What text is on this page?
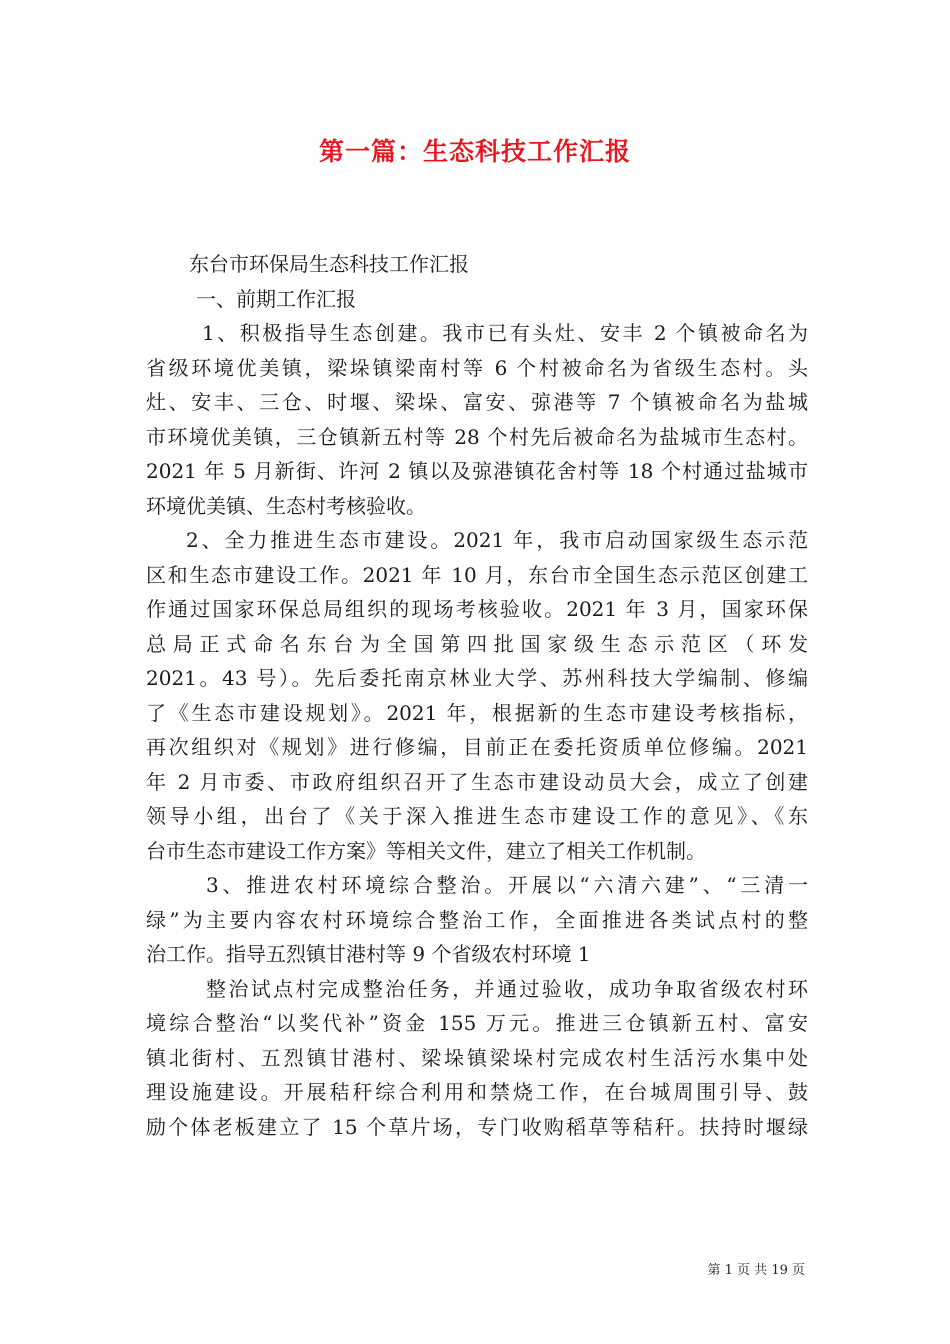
第一篇：生态科技工作汇报
东台市环保局生态科技工作汇报
一、前期工作汇报
1、积极指导生态创建。我市已有头灶、安丰 2 个镇被命名为
省级环境优美镇，梁垛镇梁南村等 6 个村被命名为省级生态村。头
灶、安丰、三仓、时堰、梁垛、富安、弶港等 7 个镇被命名为盐城
市环境优美镇，三仓镇新五村等 28 个村先后被命名为盐城市生态村。
2021 年 5 月新街、许河 2 镇以及弶港镇花舍村等 18 个村通过盐城市
环境优美镇、生态村考核验收。
2、全力推进生态市建设。2021 年，我市启动国家级生态示范
区和生态市建设工作。2021 年 10 月，东台市全国生态示范区创建工
作通过国家环保总局组织的现场考核验收。2021 年 3 月，国家环保
总局正式命名东台为全国第四批国家级生态示范区（环发
2021。43 号）。先后委托南京林业大学、苏州科技大学编制、修编
了《生态市建设规划》。2021 年，根据新的生态市建设考核指标，
再次组织对《规划》进行修编，目前正在委托资质单位修编。2021
年 2 月市委、市政府组织召开了生态市建设动员大会，成立了创建
领导小组，出台了《关于深入推进生态市建设工作的意见》、《东
台市生态市建设工作方案》等相关文件，建立了相关工作机制。
3、推进农村环境综合整治。开展以“六清六建”、“三清一
绿”为主要内容农村环境综合整治工作，全面推进各类试点村的整
治工作。指导五烈镇甘港村等 9 个省级农村环境 1
整治试点村完成整治任务，并通过验收，成功争取省级农村环
境综合整治“以奖代补”资金 155 万元。推进三仓镇新五村、富安
镇北街村、五烈镇甘港村、梁垛镇梁垛村完成农村生活污水集中处
理设施建设。开展秸秆综合利用和禁烧工作，在台城周围引导、鼓
励个体老板建立了 15 个草片场，专门收购稻草等秸秆。扶持时堰绿
第 1 页 共 19 页
